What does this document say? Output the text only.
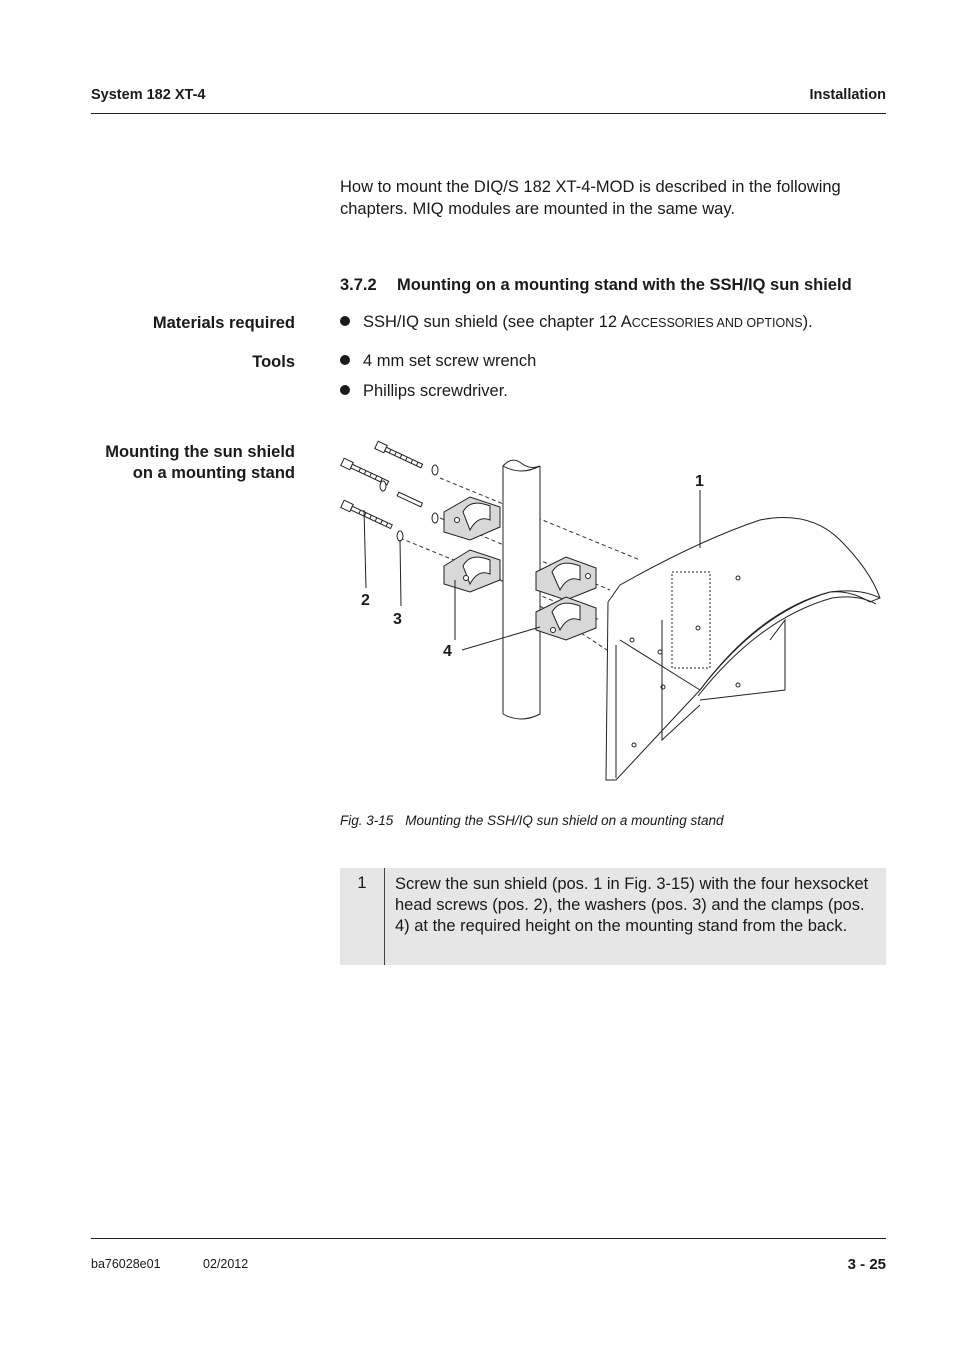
System 182 XT-4	Installation
How to mount the DIQ/S 182 XT-4-MOD is described in the following chapters. MIQ modules are mounted in the same way.
3.7.2 Mounting on a mounting stand with the SSH/IQ sun shield
Materials required	SSH/IQ sun shield (see chapter 12 ACCESSORIES AND OPTIONS).
Tools	4 mm set screw wrench
Phillips screwdriver.
Mounting the sun shield
on a mounting stand	1
2
3
4
Fig. 3-15 Mounting the SSH/IQ sun shield on a mounting stand
1	Screw the sun shield (pos. 1 in Fig. 3-15) with the four hexsocket head screws (pos. 2), the washers (pos. 3) and the clamps (pos. 4) at the required height on the mounting stand from the back.
ba76028e01	02/2012	3 - 25
